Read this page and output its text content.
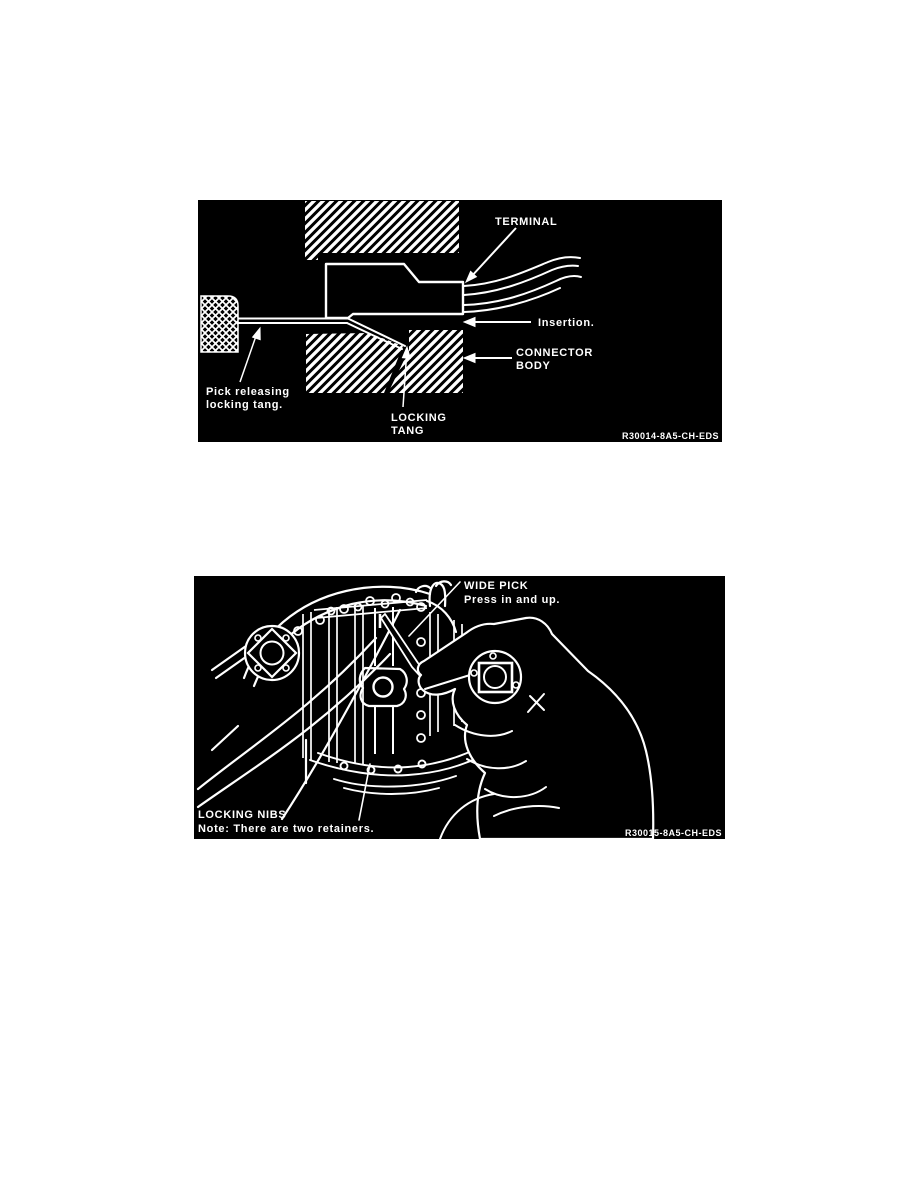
TERMINAL
Insertion.
CONNECTOR
BODY
LOCKING
TANG
Pick releasing
locking tang.
R30014-8A5-CH-EDS
WIDE PICK
Press in and up.
LOCKING NIBS
Note: There are two retainers.	R30015-8A5-CH-EDS
